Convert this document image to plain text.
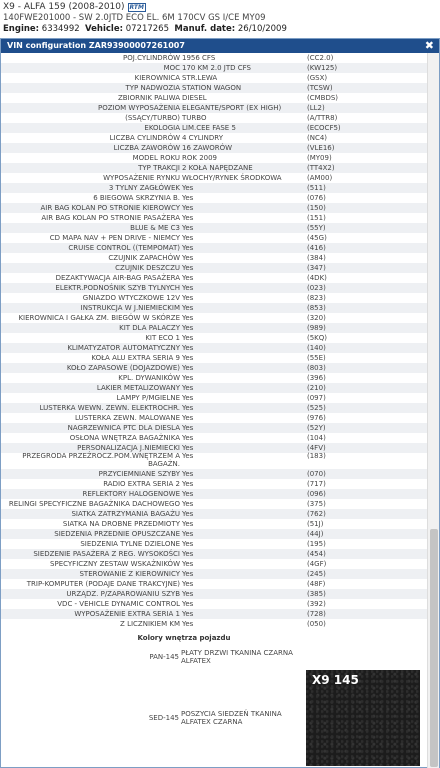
X9 - ALFA 159 (2008-2010) RTM
140FWE201000 - SW 2.0JTD ECO EL. 6M 170CV GS I/CE MY09
Engine: 6334992 Vehicle: 07217265 Manuf. date: 26/10/2009
VIN configuration ZAR93900007261007	✖
POJ.CYLINDRÓW 1956 CFS	(CC2.0)
MOC 170 KM 2.0 JTD CFS	(KW125)
KIEROWNICA STR.LEWA	(GSX)
TYP NADWOZIA STATION WAGON	(TCSW)
ZBIORNIK PALIWA DIESEL	(CMBDS)
POZIOM WYPOSAŻENIA ELEGANTE/SPORT (EX HIGH)	(LL2)
(SSĄCY/TURBO) TURBO	(A/TTR8)
EKOLOGIA LIM.CEE FASE 5	(ECOCF5)
LICZBA CYLINDRÓW 4 CYLINDRY	(NC4)
LICZBA ZAWORÓW 16 ZAWORÓW	(VLE16)
MODEL ROKU ROK 2009	(MY09)
TYP TRAKCJI 2 KOŁA NAPĘDZANE	(TT4X2)
WYPOSAŻENIE RYNKU WŁOCHY/RYNEK ŚRODKOWA	(AM00)
3 TYLNY ZAGŁÓWEK Yes	(511)
6 BIEGOWA SKRZYNIA B. Yes	(076)
AIR BAG KOLAN PO STRONIE KIEROWCY Yes	(150)
AIR BAG KOLAN PO STRONIE PASAŻERA Yes	(151)
BLUE & ME C3 Yes	(55Y)
CD MAPA NAV + PEN DRIVE - NIEMCY Yes	(45G)
CRUISE CONTROL ((TEMPOMAT) Yes	(416)
CZUJNIK ZAPACHÓW Yes	(384)
CZUJNIK DESZCZU Yes	(347)
DEZAKTYWACJA AIR-BAG PASAŻERA Yes	(4DK)
ELEKTR.PODNOŚNIK SZYB TYLNYCH Yes	(023)
GNIAZDO WTYCZKOWE 12V Yes	(823)
INSTRUKCJA W J.NIEMIECKIM Yes	(853)
KIEROWNICA I GAŁKA ZM. BIEGÓW W SKÓRZE Yes	(320)
KIT DLA PALACZY Yes	(989)
KIT ECO 1 Yes	(5KQ)
KLIMATYZATOR AUTOMATYCZNY Yes	(140)
KOŁA ALU EXTRA SERIA 9 Yes	(55E)
KOŁO ZAPASOWE (DOJAZDOWE) Yes	(803)
KPL. DYWANIKÓW Yes	(396)
LAKIER METALIZOWANY Yes	(210)
LAMPY P/MGIELNE Yes	(097)
LUSTERKA WEWN. ZEWN. ELEKTROCHR. Yes	(525)
LUSTERKA ZEWN. MALOWANE Yes	(976)
NAGRZEWNICA PTC DLA DIESLA Yes	(52Y)
OSŁONA WNĘTRZA BAGAŻNIKA Yes	(104)
PERSONALIZACJA J.NIEMIECKI Yes	(4FV)
PRZEGRODA PRZEŹROCZ.POM.WNĘTRZEM A BAGAŻN.
Yes	(183)
PRZYCIEMNIANE SZYBY Yes	(070)
RADIO EXTRA SERIA 2 Yes	(717)
REFLEKTORY HALOGENOWE Yes	(096)
RELINGI SPECYFICZNE BAGAŻNIKA DACHOWEGO Yes	(375)
SIATKA ZATRZYMANIA BAGAŻU Yes	(762)
SIATKA NA DROBNE PRZEDMIOTY Yes	(51J)
SIEDZENIA PRZEDNIE OPUSZCZANE Yes	(44J)
SIEDZENIA TYLNE DZIELONE Yes	(195)
SIEDZENIE PASAŻERA Z REG. WYSOKOŚCI Yes	(454)
SPECYFICZNY ZESTAW WSKAŹNIKÓW Yes	(4GF)
STEROWANIE Z KIEROWNICY Yes	(245)
TRIP-KOMPUTER (PODAJE DANE TRAKCYJNE) Yes	(48F)
URZĄDZ. P/ZAPAROWANIU SZYB Yes	(385)
VDC - VEHICLE DYNAMIC CONTROL Yes	(392)
WYPOSAŻENIE EXTRA SERIA 1 Yes	(728)
Z LICZNIKIEM KM Yes	(050)
Kolory wnętrza pojazdu
PAN-145 PŁATY DRZWI TKANINA CZARNA ALFATEX
SED-145 POSZYCIA SIEDZEŃ TKANINA ALFATEX CZARNA
X9 145
